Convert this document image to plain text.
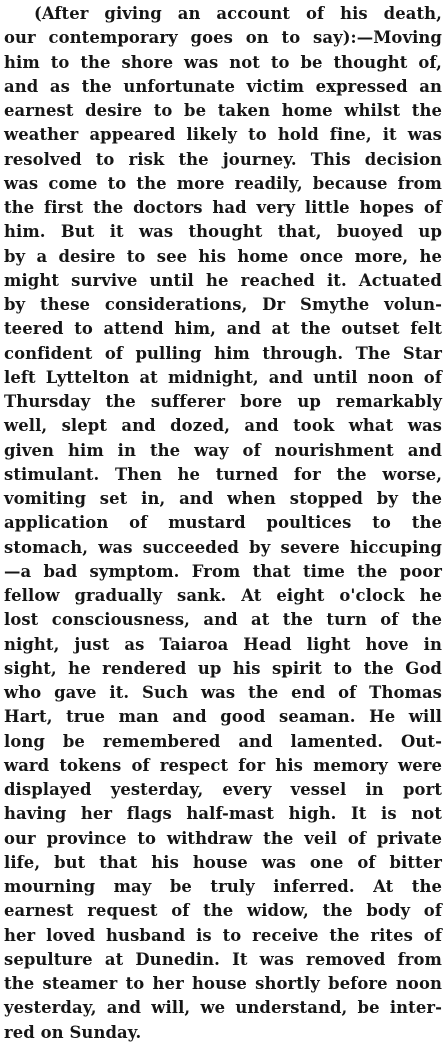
(After giving an account of his death,
our contemporary goes on to say):—Moving
him to the shore was not to be thought of,
and as the unfortunate victim expressed an
earnest desire to be taken home whilst the
weather appeared likely to hold fine, it was
resolved to risk the journey. This decision
was come to the more readily, because from
the first the doctors had very little hopes of
him. But it was thought that, buoyed up
by a desire to see his home once more, he
might survive until he reached it. Actuated
by these considerations, Dr Smythe volun-
teered to attend him, and at the outset felt
confident of pulling him through. The Star
left Lyttelton at midnight, and until noon of
Thursday the sufferer bore up remarkably
well, slept and dozed, and took what was
given him in the way of nourishment and
stimulant. Then he turned for the worse,
vomiting set in, and when stopped by the
application of mustard poultices to the
stomach, was succeeded by severe hiccuping
—a bad symptom. From that time the poor
fellow gradually sank. At eight o'clock he
lost consciousness, and at the turn of the
night, just as Taiaroa Head light hove in
sight, he rendered up his spirit to the God
who gave it. Such was the end of Thomas
Hart, true man and good seaman. He will
long be remembered and lamented. Out-
ward tokens of respect for his memory were
displayed yesterday, every vessel in port
having her flags half-mast high. It is not
our province to withdraw the veil of private
life, but that his house was one of bitter
mourning may be truly inferred. At the
earnest request of the widow, the body of
her loved husband is to receive the rites of
sepulture at Dunedin. It was removed from
the steamer to her house shortly before noon
yesterday, and will, we understand, be inter-
red on Sunday.
